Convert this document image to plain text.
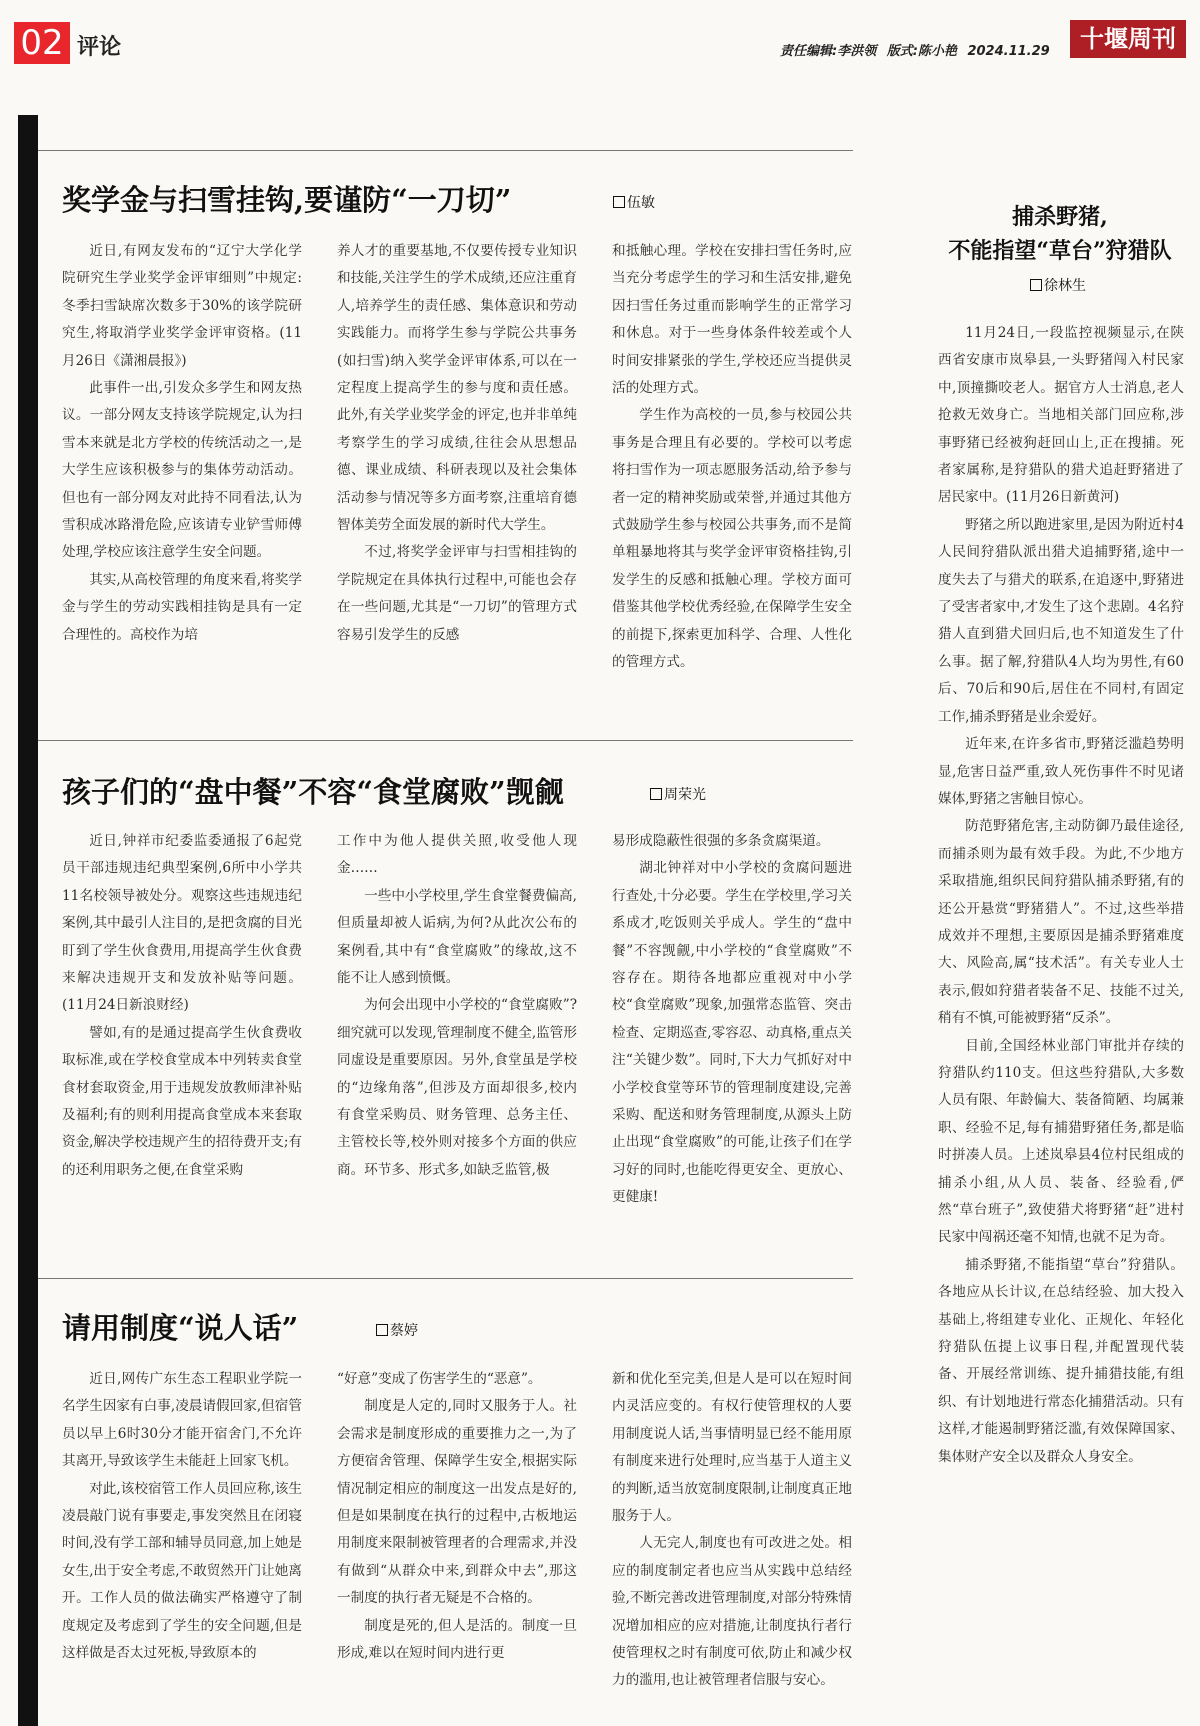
02 评论	责任编辑:李洪领 版式:陈小艳 2024.11.29	十堰周刊
奖学金与扫雪挂钩,要谨防“一刀切”	伍敏

近日,有网友发布的“辽宁大学化学院研究生学业奖学金评审细则”中规定:冬季扫雪缺席次数多于30%的该学院研究生,将取消学业奖学金评审资格。(11月26日《潇湘晨报》)

此事件一出,引发众多学生和网友热议。一部分网友支持该学院规定,认为扫雪本来就是北方学校的传统活动之一,是大学生应该积极参与的集体劳动活动。但也有一部分网友对此持不同看法,认为雪积成冰路滑危险,应该请专业铲雪师傅处理,学校应该注意学生安全问题。

其实,从高校管理的角度来看,将奖学金与学生的劳动实践相挂钩是具有一定合理性的。高校作为培

养人才的重要基地,不仅要传授专业知识和技能,关注学生的学术成绩,还应注重育人,培养学生的责任感、集体意识和劳动实践能力。而将学生参与学院公共事务(如扫雪)纳入奖学金评审体系,可以在一定程度上提高学生的参与度和责任感。此外,有关学业奖学金的评定,也并非单纯考察学生的学习成绩,往往会从思想品德、课业成绩、科研表现以及社会集体活动参与情况等多方面考察,注重培育德智体美劳全面发展的新时代大学生。

不过,将奖学金评审与扫雪相挂钩的学院规定在具体执行过程中,可能也会存在一些问题,尤其是“一刀切”的管理方式容易引发学生的反感

和抵触心理。学校在安排扫雪任务时,应当充分考虑学生的学习和生活安排,避免因扫雪任务过重而影响学生的正常学习和休息。对于一些身体条件较差或个人时间安排紧张的学生,学校还应当提供灵活的处理方式。

学生作为高校的一员,参与校园公共事务是合理且有必要的。学校可以考虑将扫雪作为一项志愿服务活动,给予参与者一定的精神奖励或荣誉,并通过其他方式鼓励学生参与校园公共事务,而不是简单粗暴地将其与奖学金评审资格挂钩,引发学生的反感和抵触心理。学校方面可借鉴其他学校优秀经验,在保障学生安全的前提下,探索更加科学、合理、人性化的管理方式。

孩子们的“盘中餐”不容“食堂腐败”觊觎	周荣光

近日,钟祥市纪委监委通报了6起党员干部违规违纪典型案例,6所中小学共11名校领导被处分。观察这些违规违纪案例,其中最引人注目的,是把贪腐的目光盯到了学生伙食费用,用提高学生伙食费来解决违规开支和发放补贴等问题。(11月24日新浪财经)

譬如,有的是通过提高学生伙食费收取标准,或在学校食堂成本中列转卖食堂食材套取资金,用于违规发放教师津补贴及福利;有的则利用提高食堂成本来套取资金,解决学校违规产生的招待费开支;有的还利用职务之便,在食堂采购

工作中为他人提供关照,收受他人现金……

一些中小学校里,学生食堂餐费偏高,但质量却被人诟病,为何?从此次公布的案例看,其中有“食堂腐败”的缘故,这不能不让人感到愤慨。

为何会出现中小学校的“食堂腐败”?细究就可以发现,管理制度不健全,监管形同虚设是重要原因。另外,食堂虽是学校的“边缘角落”,但涉及方面却很多,校内有食堂采购员、财务管理、总务主任、主管校长等,校外则对接多个方面的供应商。环节多、形式多,如缺乏监管,极

易形成隐蔽性很强的多条贪腐渠道。

湖北钟祥对中小学校的贪腐问题进行查处,十分必要。学生在学校里,学习关系成才,吃饭则关乎成人。学生的“盘中餐”不容觊觎,中小学校的“食堂腐败”不容存在。期待各地都应重视对中小学校“食堂腐败”现象,加强常态监管、突击检查、定期巡查,零容忍、动真格,重点关注“关键少数”。同时,下大力气抓好对中小学校食堂等环节的管理制度建设,完善采购、配送和财务管理制度,从源头上防止出现“食堂腐败”的可能,让孩子们在学习好的同时,也能吃得更安全、更放心、更健康!

请用制度“说人话”	蔡婷

近日,网传广东生态工程职业学院一名学生因家有白事,凌晨请假回家,但宿管员以早上6时30分才能开宿舍门,不允许其离开,导致该学生未能赶上回家飞机。

对此,该校宿管工作人员回应称,该生凌晨敲门说有事要走,事发突然且在闭寝时间,没有学工部和辅导员同意,加上她是女生,出于安全考虑,不敢贸然开门让她离开。工作人员的做法确实严格遵守了制度规定及考虑到了学生的安全问题,但是这样做是否太过死板,导致原本的

“好意”变成了伤害学生的“恶意”。

制度是人定的,同时又服务于人。社会需求是制度形成的重要推力之一,为了方便宿舍管理、保障学生安全,根据实际情况制定相应的制度这一出发点是好的,但是如果制度在执行的过程中,古板地运用制度来限制被管理者的合理需求,并没有做到“从群众中来,到群众中去”,那这一制度的执行者无疑是不合格的。

制度是死的,但人是活的。制度一旦形成,难以在短时间内进行更

新和优化至完美,但是人是可以在短时间内灵活应变的。有权行使管理权的人要用制度说人话,当事情明显已经不能用原有制度来进行处理时,应当基于人道主义的判断,适当放宽制度限制,让制度真正地服务于人。

人无完人,制度也有可改进之处。相应的制度制定者也应当从实践中总结经验,不断完善改进管理制度,对部分特殊情况增加相应的应对措施,让制度执行者行使管理权之时有制度可依,防止和减少权力的滥用,也让被管理者信服与安心。

捕杀野猪,
不能指望“草台”狩猎队
徐林生

11月24日,一段监控视频显示,在陕西省安康市岚皋县,一头野猪闯入村民家中,顶撞撕咬老人。据官方人士消息,老人抢救无效身亡。当地相关部门回应称,涉事野猪已经被狗赶回山上,正在搜捕。死者家属称,是狩猎队的猎犬追赶野猪进了居民家中。(11月26日新黄河)

野猪之所以跑进家里,是因为附近村4人民间狩猎队派出猎犬追捕野猪,途中一度失去了与猎犬的联系,在追逐中,野猪进了受害者家中,才发生了这个悲剧。4名狩猎人直到猎犬回归后,也不知道发生了什么事。据了解,狩猎队4人均为男性,有60后、70后和90后,居住在不同村,有固定工作,捕杀野猪是业余爱好。

近年来,在许多省市,野猪泛滥趋势明显,危害日益严重,致人死伤事件不时见诸媒体,野猪之害触目惊心。

防范野猪危害,主动防御乃最佳途径,而捕杀则为最有效手段。为此,不少地方采取措施,组织民间狩猎队捕杀野猪,有的还公开悬赏“野猪猎人”。不过,这些举措成效并不理想,主要原因是捕杀野猪难度大、风险高,属“技术活”。有关专业人士表示,假如狩猎者装备不足、技能不过关,稍有不慎,可能被野猪“反杀”。

目前,全国经林业部门审批并存续的狩猎队约110支。但这些狩猎队,大多数人员有限、年龄偏大、装备简陋、均属兼职、经验不足,每有捕猎野猪任务,都是临时拼凑人员。上述岚皋县4位村民组成的捕杀小组,从人员、装备、经验看,俨然“草台班子”,致使猎犬将野猪“赶”进村民家中闯祸还毫不知情,也就不足为奇。

捕杀野猪,不能指望“草台”狩猎队。各地应从长计议,在总结经验、加大投入基础上,将组建专业化、正规化、年轻化狩猎队伍提上议事日程,并配置现代装备、开展经常训练、提升捕猎技能,有组织、有计划地进行常态化捕猎活动。只有这样,才能遏制野猪泛滥,有效保障国家、集体财产安全以及群众人身安全。
